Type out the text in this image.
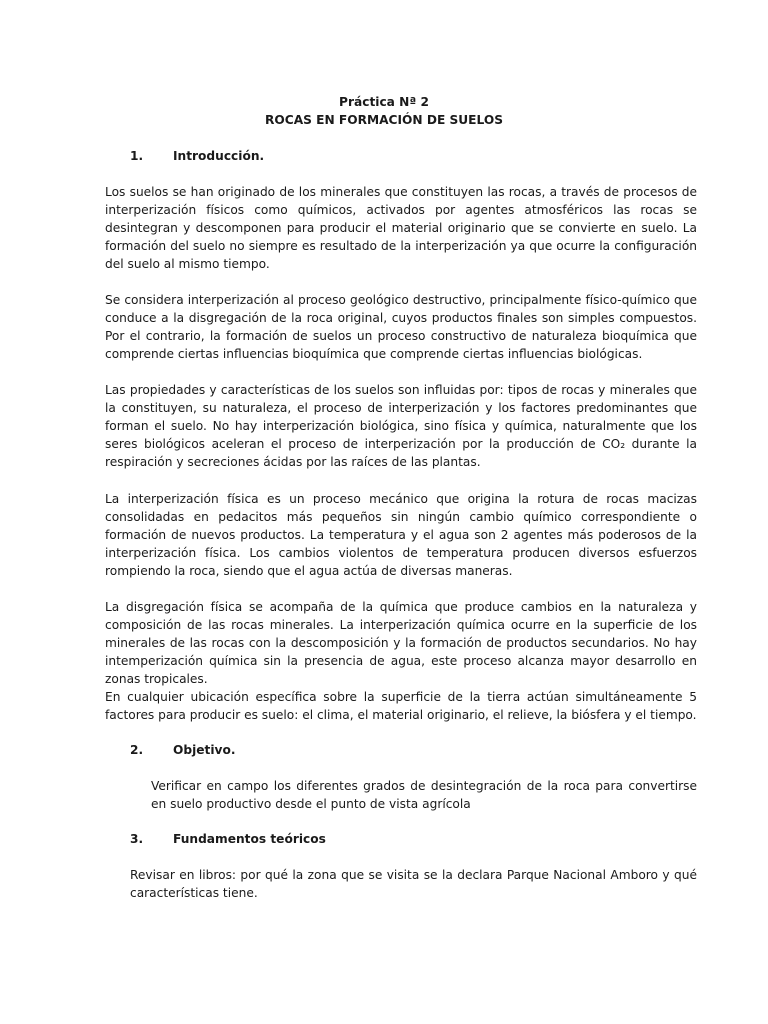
Práctica Nª 2

ROCAS EN FORMACIÓN DE SUELOS

1. Introducción.

Los suelos se han originado de los minerales que constituyen las rocas, a través de procesos de interperización físicos como químicos, activados por agentes atmosféricos las rocas se desintegran y descomponen para producir el material originario que se convierte en suelo. La formación del suelo no siempre es resultado de la interperización ya que ocurre la configuración del suelo al mismo tiempo.

Se considera interperización al proceso geológico destructivo, principalmente físico-químico que conduce a la disgregación de la roca original, cuyos productos finales son simples compuestos. Por el contrario, la formación de suelos un proceso constructivo de naturaleza bioquímica que comprende ciertas influencias bioquímica que comprende ciertas influencias biológicas.

Las propiedades y características de los suelos son influidas por: tipos de rocas y minerales que la constituyen, su naturaleza, el proceso de interperización y los factores predominantes que forman el suelo. No hay interperización biológica, sino física y química, naturalmente que los seres biológicos aceleran el proceso de interperización por la producción de CO₂ durante la respiración y secreciones ácidas por las raíces de las plantas.

La interperización física es un proceso mecánico que origina la rotura de rocas macizas consolidadas en pedacitos más pequeños sin ningún cambio químico correspondiente o formación de nuevos productos. La temperatura y el agua son 2 agentes más poderosos de la interperización física. Los cambios violentos de temperatura producen diversos esfuerzos rompiendo la roca, siendo que el agua actúa de diversas maneras.

La disgregación física se acompaña de la química que produce cambios en la naturaleza y composición de las rocas minerales. La interperización química ocurre en la superficie de los minerales de las rocas con la descomposición y la formación de productos secundarios. No hay intemperización química sin la presencia de agua, este proceso alcanza mayor desarrollo en zonas tropicales.

En cualquier ubicación específica sobre la superficie de la tierra actúan simultáneamente 5 factores para producir es suelo: el clima, el material originario, el relieve, la biósfera y el tiempo.

2. Objetivo.

Verificar en campo los diferentes grados de desintegración de la roca para convertirse en suelo productivo desde el punto de vista agrícola

3. Fundamentos teóricos

Revisar en libros: por qué la zona que se visita se la declara Parque Nacional Amboro y qué características tiene.
